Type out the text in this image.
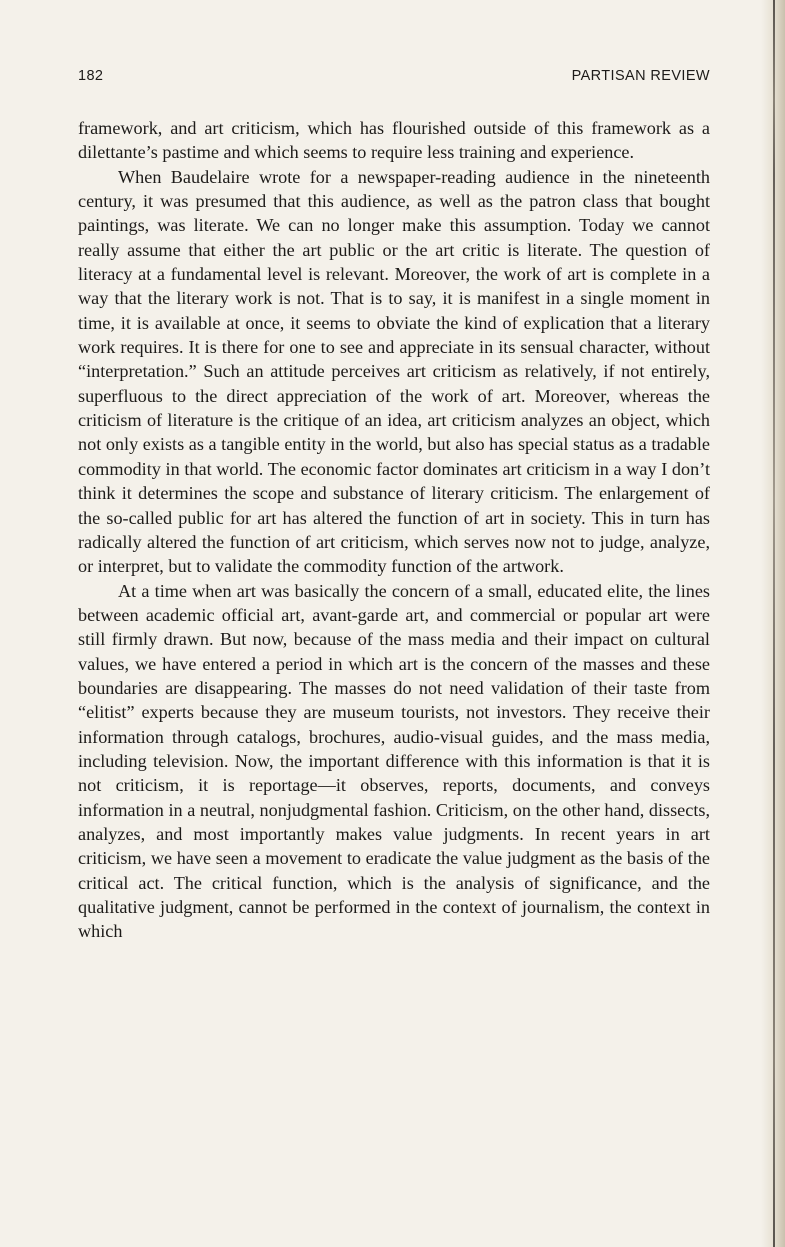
182	PARTISAN REVIEW

framework, and art criticism, which has flourished outside of this framework as a dilettante’s pastime and which seems to require less training and experience.

When Baudelaire wrote for a newspaper-reading audience in the nineteenth century, it was presumed that this audience, as well as the patron class that bought paintings, was literate. We can no longer make this assumption. Today we cannot really assume that either the art public or the art critic is literate. The question of literacy at a fundamental level is relevant. Moreover, the work of art is complete in a way that the literary work is not. That is to say, it is manifest in a single moment in time, it is available at once, it seems to obviate the kind of explication that a literary work requires. It is there for one to see and appreciate in its sensual character, without “interpretation.” Such an attitude perceives art criticism as relatively, if not entirely, superfluous to the direct appreciation of the work of art. Moreover, whereas the criticism of literature is the critique of an idea, art criticism analyzes an object, which not only exists as a tangible entity in the world, but also has special status as a tradable commodity in that world. The economic factor dominates art criticism in a way I don’t think it determines the scope and substance of literary criticism. The enlargement of the so-called public for art has altered the function of art in society. This in turn has radically altered the function of art criticism, which serves now not to judge, analyze, or interpret, but to validate the commodity function of the artwork.

At a time when art was basically the concern of a small, educated elite, the lines between academic official art, avant-garde art, and commercial or popular art were still firmly drawn. But now, because of the mass media and their impact on cultural values, we have entered a period in which art is the concern of the masses and these boundaries are disappearing. The masses do not need validation of their taste from “elitist” experts because they are museum tourists, not investors. They receive their information through catalogs, brochures, audio-visual guides, and the mass media, including television. Now, the important difference with this information is that it is not criticism, it is reportage—it observes, reports, documents, and conveys information in a neutral, nonjudgmental fashion. Criticism, on the other hand, dissects, analyzes, and most importantly makes value judgments. In recent years in art criticism, we have seen a movement to eradicate the value judgment as the basis of the critical act. The critical function, which is the analysis of significance, and the qualitative judgment, cannot be performed in the context of journalism, the context in which
